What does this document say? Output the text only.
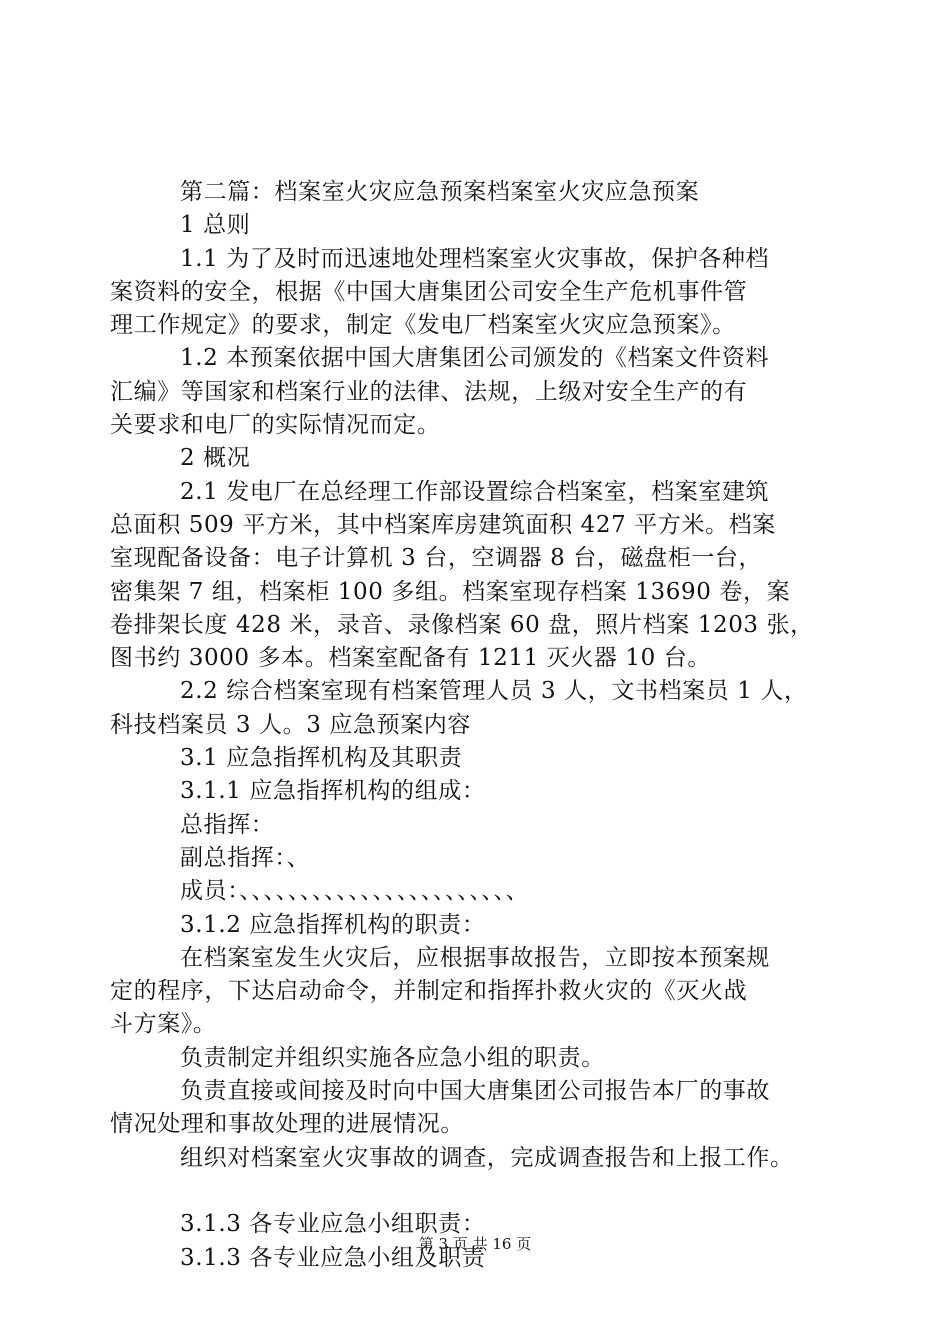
第二篇：档案室火灾应急预案档案室火灾应急预案
1 总则
1.1 为了及时而迅速地处理档案室火灾事故，保护各种档
案资料的安全，根据《中国大唐集团公司安全生产危机事件管
理工作规定》的要求，制定《发电厂档案室火灾应急预案》。
1.2 本预案依据中国大唐集团公司颁发的《档案文件资料
汇编》等国家和档案行业的法律、法规，上级对安全生产的有
关要求和电厂的实际情况而定。
2 概况
2.1 发电厂在总经理工作部设置综合档案室，档案室建筑
总面积 509 平方米，其中档案库房建筑面积 427 平方米。档案
室现配备设备：电子计算机 3 台，空调器 8 台，磁盘柜一台，
密集架 7 组，档案柜 100 多组。档案室现存档案 13690 卷，案
卷排架长度 428 米，录音、录像档案 60 盘，照片档案 1203 张，
图书约 3000 多本。档案室配备有 1211 灭火器 10 台。
2.2 综合档案室现有档案管理人员 3 人，文书档案员 1 人，
科技档案员 3 人。3 应急预案内容
3.1 应急指挥机构及其职责
3.1.1 应急指挥机构的组成：
总指挥：
副总指挥：、
成员：、、、、、、、、、、、、、、、、、、、、、、、
3.1.2 应急指挥机构的职责：
在档案室发生火灾后，应根据事故报告，立即按本预案规
定的程序，下达启动命令，并制定和指挥扑救火灾的《灭火战
斗方案》。
负责制定并组织实施各应急小组的职责。
负责直接或间接及时向中国大唐集团公司报告本厂的事故
情况处理和事故处理的进展情况。
组织对档案室火灾事故的调查，完成调查报告和上报工作。
3.1.3 各专业应急小组职责：
3.1.3 各专业应急小组及职责
第 3 页 共 16 页
